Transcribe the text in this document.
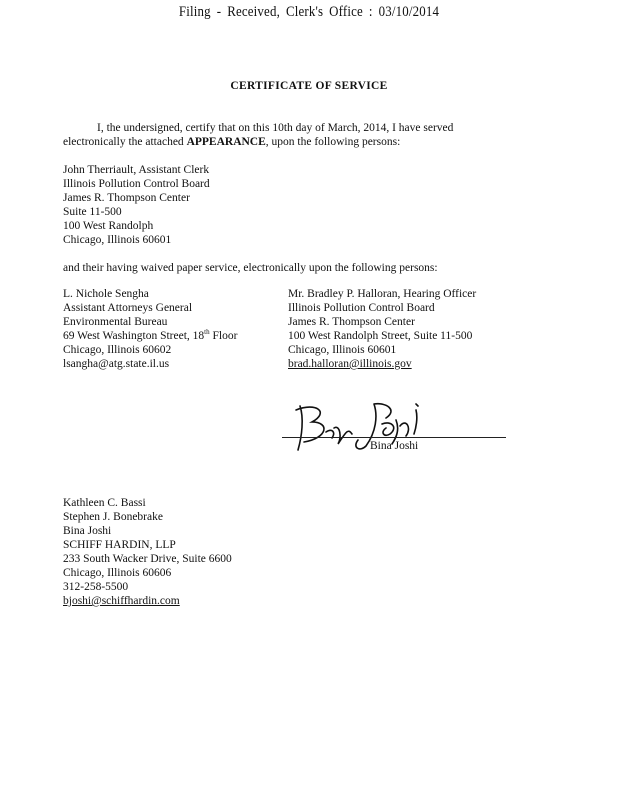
Filing - Received, Clerk's Office : 03/10/2014
CERTIFICATE OF SERVICE
I, the undersigned, certify that on this 10th day of March, 2014, I have served
electronically the attached APPEARANCE, upon the following persons:
John Therriault, Assistant Clerk
Illinois Pollution Control Board
James R. Thompson Center
Suite 11-500
100 West Randolph
Chicago, Illinois 60601
and their having waived paper service, electronically upon the following persons:
L. Nichole Sengha
Assistant Attorneys General
Environmental Bureau
69 West Washington Street, 18th Floor
Chicago, Illinois 60602
lsangha@atg.state.il.us
Mr. Bradley P. Halloran, Hearing Officer
Illinois Pollution Control Board
James R. Thompson Center
100 West Randolph Street, Suite 11-500
Chicago, Illinois 60601
brad.halloran@illinois.gov
Bina Joshi
Kathleen C. Bassi
Stephen J. Bonebrake
Bina Joshi
SCHIFF HARDIN, LLP
233 South Wacker Drive, Suite 6600
Chicago, Illinois 60606
312-258-5500
bjoshi@schiffhardin.com
